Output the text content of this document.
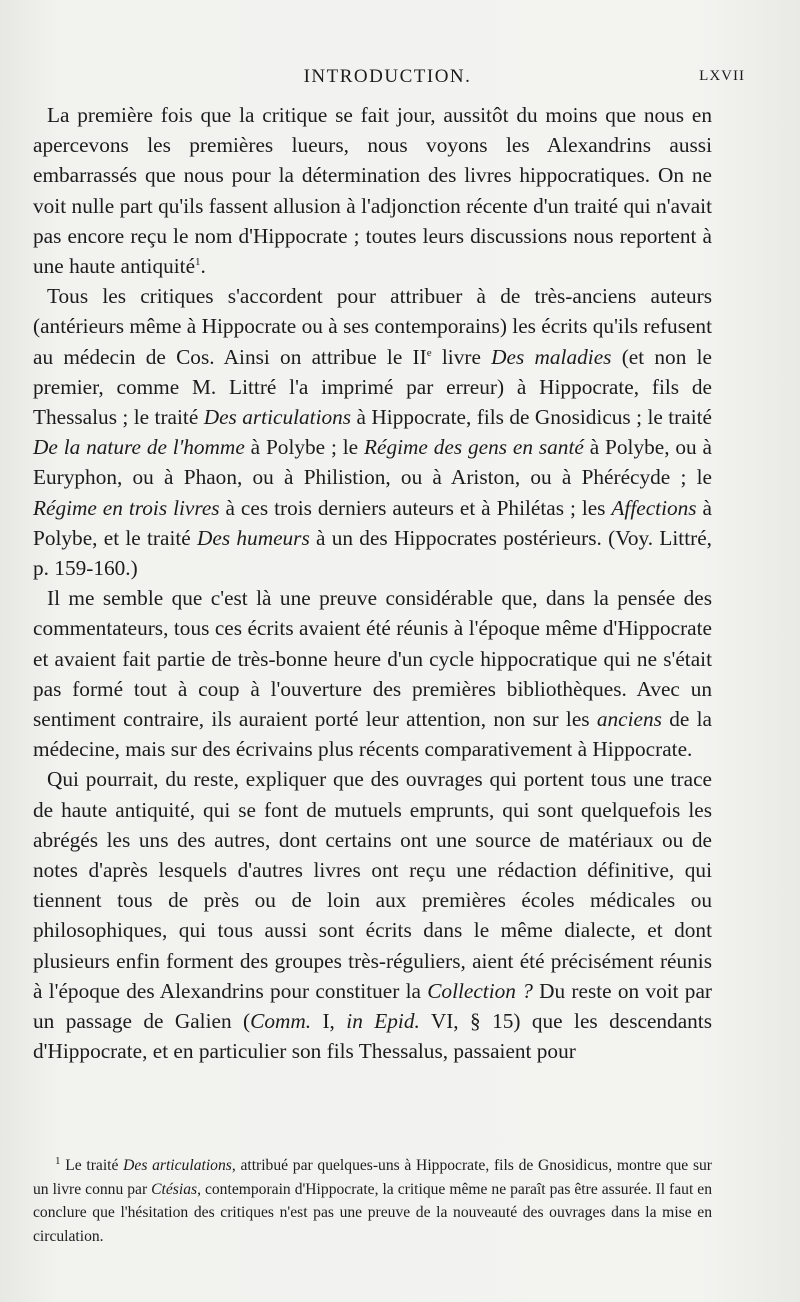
INTRODUCTION.	LXVII

La première fois que la critique se fait jour, aussitôt du moins que nous en apercevons les premières lueurs, nous voyons les Alexandrins aussi embarrassés que nous pour la détermination des livres hippocratiques. On ne voit nulle part qu'ils fassent allusion à l'adjonction récente d'un traité qui n'avait pas encore reçu le nom d'Hippocrate ; toutes leurs discussions nous reportent à une haute antiquité$^1$.

Tous les critiques s'accordent pour attribuer à de très-anciens auteurs (antérieurs même à Hippocrate ou à ses contemporains) les écrits qu'ils refusent au médecin de Cos. Ainsi on attribue le IIe livre Des maladies (et non le premier, comme M. Littré l'a imprimé par erreur) à Hippocrate, fils de Thessalus ; le traité Des articulations à Hippocrate, fils de Gnosidicus ; le traité De la nature de l'homme à Polybe ; le Régime des gens en santé à Polybe, ou à Euryphon, ou à Phaon, ou à Philistion, ou à Ariston, ou à Phérécyde ; le Régime en trois livres à ces trois derniers auteurs et à Philétas ; les Affections à Polybe, et le traité Des humeurs à un des Hippocrates postérieurs. (Voy. Littré, p. 159-160.)

Il me semble que c'est là une preuve considérable que, dans la pensée des commentateurs, tous ces écrits avaient été réunis à l'époque même d'Hippocrate et avaient fait partie de très-bonne heure d'un cycle hippocratique qui ne s'était pas formé tout à coup à l'ouverture des premières bibliothèques. Avec un sentiment contraire, ils auraient porté leur attention, non sur les anciens de la médecine, mais sur des écrivains plus récents comparativement à Hippocrate.

Qui pourrait, du reste, expliquer que des ouvrages qui portent tous une trace de haute antiquité, qui se font de mutuels emprunts, qui sont quelquefois les abrégés les uns des autres, dont certains ont une source de matériaux ou de notes d'après lesquels d'autres livres ont reçu une rédaction définitive, qui tiennent tous de près ou de loin aux premières écoles médicales ou philosophiques, qui tous aussi sont écrits dans le même dialecte, et dont plusieurs enfin forment des groupes très-réguliers, aient été précisément réunis à l'époque des Alexandrins pour constituer la Collection ? Du reste on voit par un passage de Galien (Comm. I, in Epid. VI, § 15) que les descendants d'Hippocrate, et en particulier son fils Thessalus, passaient pour

$^1$ Le traité Des articulations, attribué par quelques-uns à Hippocrate, fils de Gnosidicus, montre que sur un livre connu par Ctésias, contemporain d'Hippocrate, la critique même ne paraît pas être assurée. Il faut en conclure que l'hésitation des critiques n'est pas une preuve de la nouveauté des ouvrages dans la mise en circulation.
